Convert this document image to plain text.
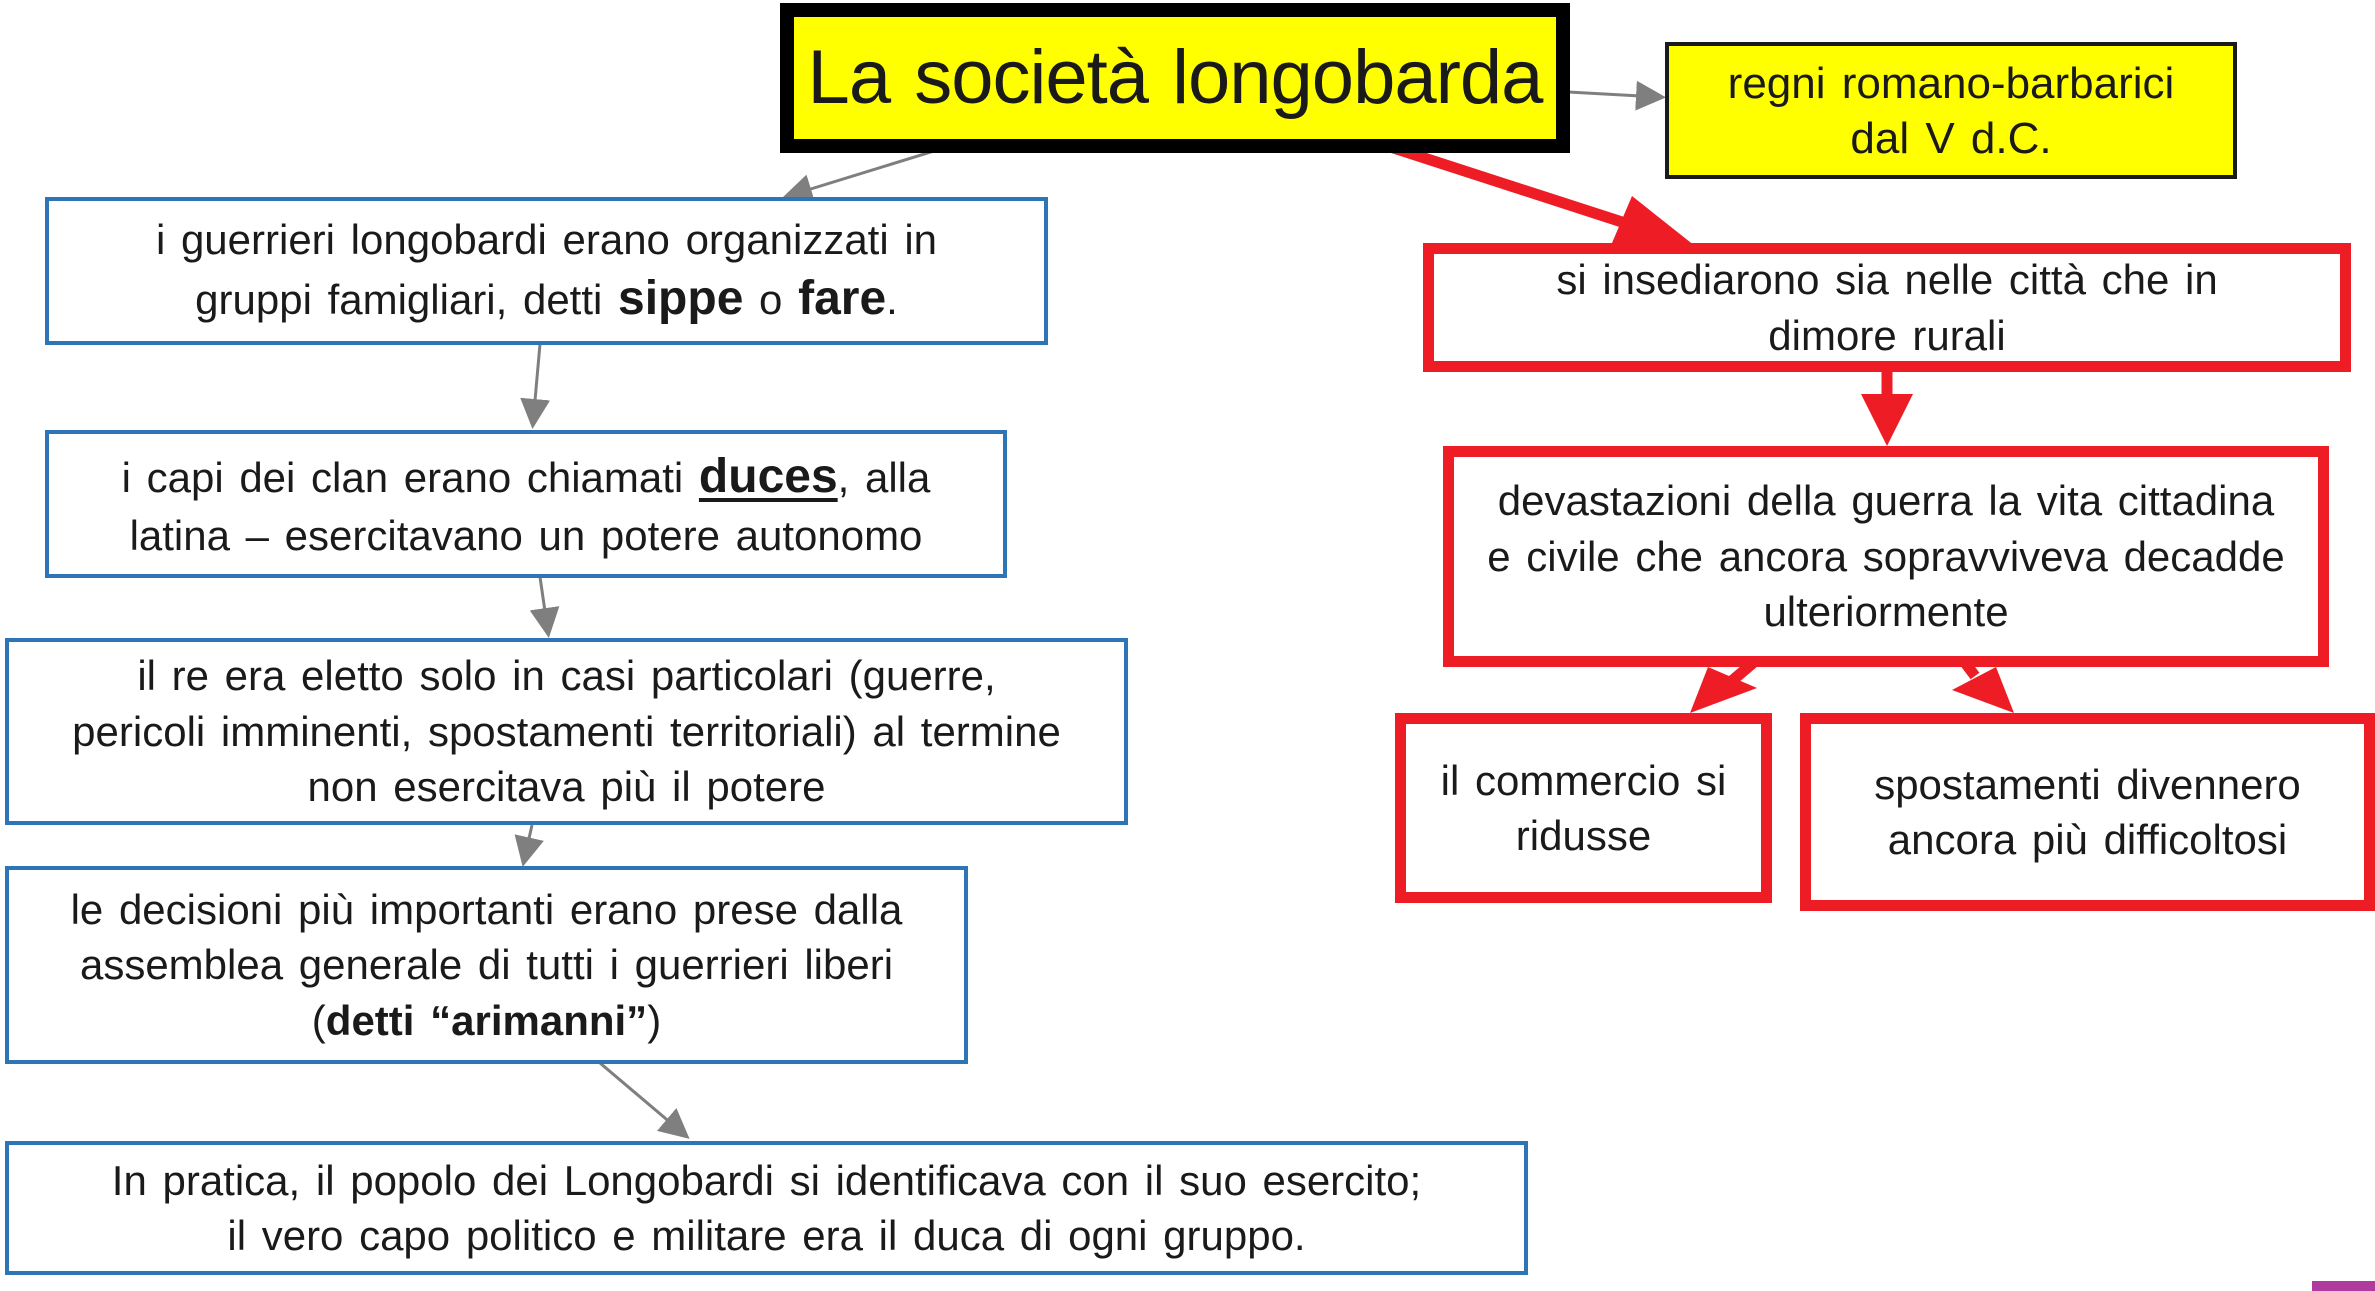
La società longobarda	regni romano-barbarici
dal V d.C.
i guerrieri longobardi erano organizzati in gruppi famigliari, detti sippe o fare.
i capi dei clan erano chiamati duces, alla latina – esercitavano un potere autonomo
il re era eletto solo in casi particolari (guerre, pericoli imminenti, spostamenti territoriali) al termine non esercitava più il potere
le decisioni più importanti erano prese dalla assemblea generale di tutti i guerrieri liberi (detti “arimanni”)
In pratica, il popolo dei Longobardi si identificava con il suo esercito;
il vero capo politico e militare era il duca di ogni gruppo.
si insediarono sia nelle città che in dimore rurali
devastazioni della guerra la vita cittadina e civile che ancora sopravviveva decadde ulteriormente
il commercio si ridusse
spostamenti divennero ancora più difficoltosi
